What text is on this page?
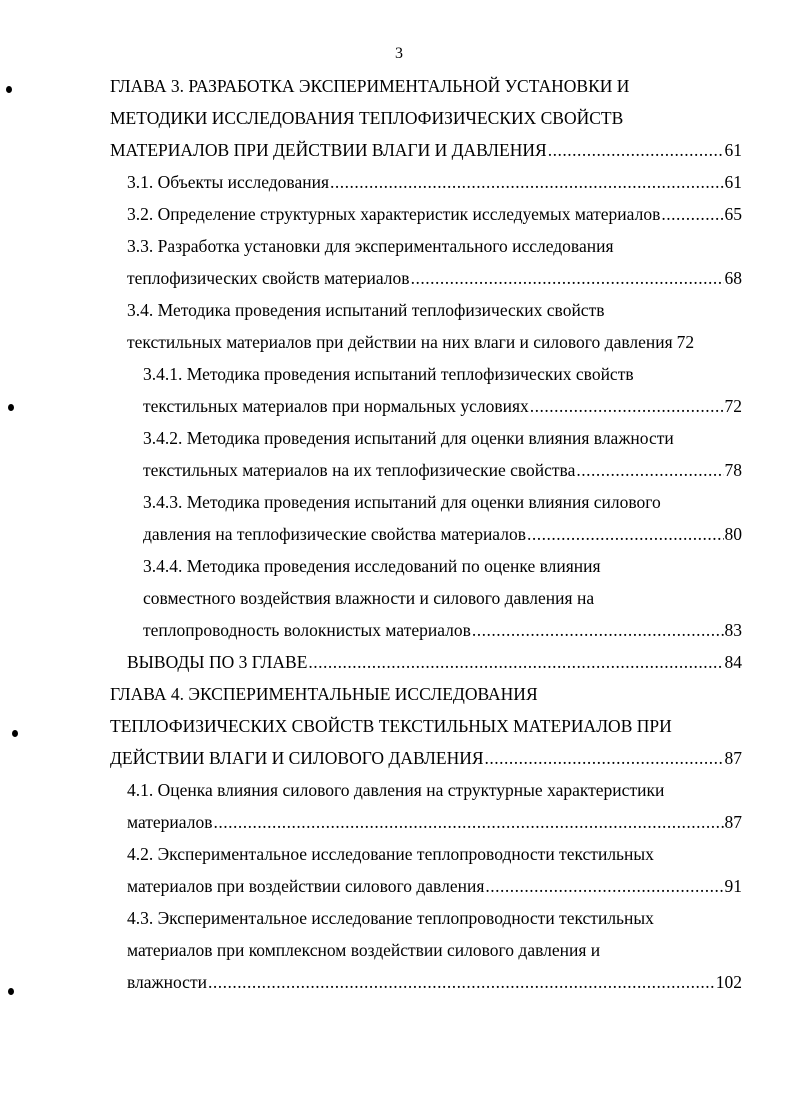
3
ГЛАВА 3. РАЗРАБОТКА ЭКСПЕРИМЕНТАЛЬНОЙ УСТАНОВКИ И
МЕТОДИКИ ИССЛЕДОВАНИЯ ТЕПЛОФИЗИЧЕСКИХ СВОЙСТВ
МАТЕРИАЛОВ ПРИ ДЕЙСТВИИ ВЛАГИ И ДАВЛЕНИЯ .....	61
3.1. Объекты исследования .....	61
3.2. Определение структурных характеристик исследуемых материалов .....	65
3.3. Разработка установки для экспериментального исследования
теплофизических свойств материалов .....	68
3.4. Методика проведения испытаний теплофизических свойств
текстильных материалов при действии на них влаги и силового давления 72
3.4.1. Методика проведения испытаний теплофизических свойств
текстильных материалов при нормальных условиях .....	72
3.4.2. Методика проведения испытаний для оценки влияния влажности
текстильных материалов на их теплофизические свойства .....	78
3.4.3. Методика проведения испытаний для оценки влияния силового
давления на теплофизические свойства материалов .....	80
3.4.4. Методика проведения исследований по оценке влияния
совместного воздействия влажности и силового давления на
теплопроводность волокнистых материалов .....	83
ВЫВОДЫ ПО 3 ГЛАВЕ .....	84
ГЛАВА 4. ЭКСПЕРИМЕНТАЛЬНЫЕ ИССЛЕДОВАНИЯ
ТЕПЛОФИЗИЧЕСКИХ СВОЙСТВ ТЕКСТИЛЬНЫХ МАТЕРИАЛОВ ПРИ
ДЕЙСТВИИ ВЛАГИ И СИЛОВОГО ДАВЛЕНИЯ .....	87
4.1. Оценка влияния силового давления на структурные характеристики
материалов .....	87
4.2. Экспериментальное исследование теплопроводности текстильных
материалов при воздействии силового давления .....	91
4.3. Экспериментальное исследование теплопроводности текстильных
материалов при комплексном воздействии силового давления и
влажности .....	102
